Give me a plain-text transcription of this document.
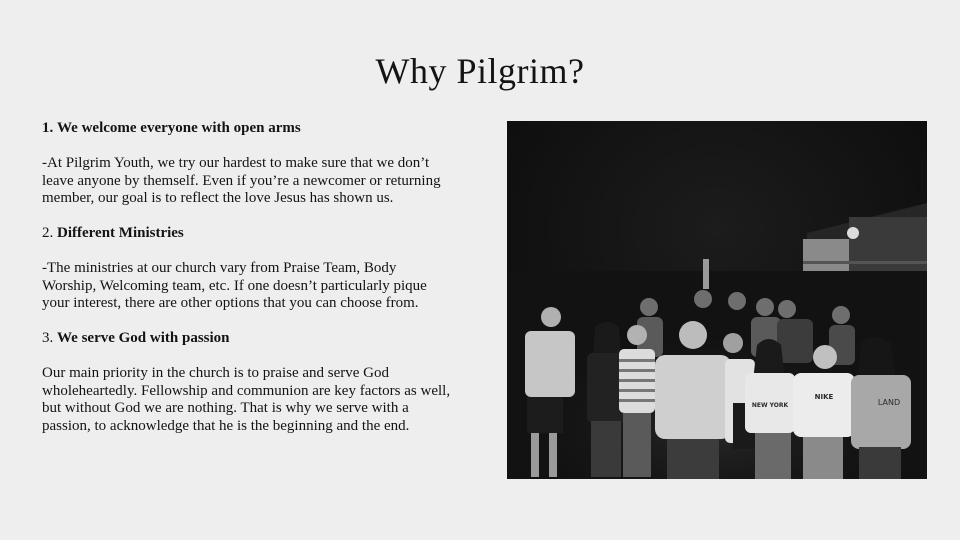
Why Pilgrim?

1. We welcome everyone with open arms

-At Pilgrim Youth, we try our hardest to make sure that we don’t leave anyone by themself. Even if you’re a newcomer or returning member, our goal is to reflect the love Jesus has shown us.

2. Different Ministries

-The ministries at our church vary from Praise Team, Body Worship, Welcoming team, etc. If one doesn’t particularly pique your interest, there are other options that you can choose from.

3. We serve God with passion

Our main priority in the church is to praise and serve God wholeheartedly. Fellowship and communion are key factors as well, but without God we are nothing. That is why we serve with a passion, to acknowledge that he is the beginning and the end.

NEW YORK
NIKE
LAND
